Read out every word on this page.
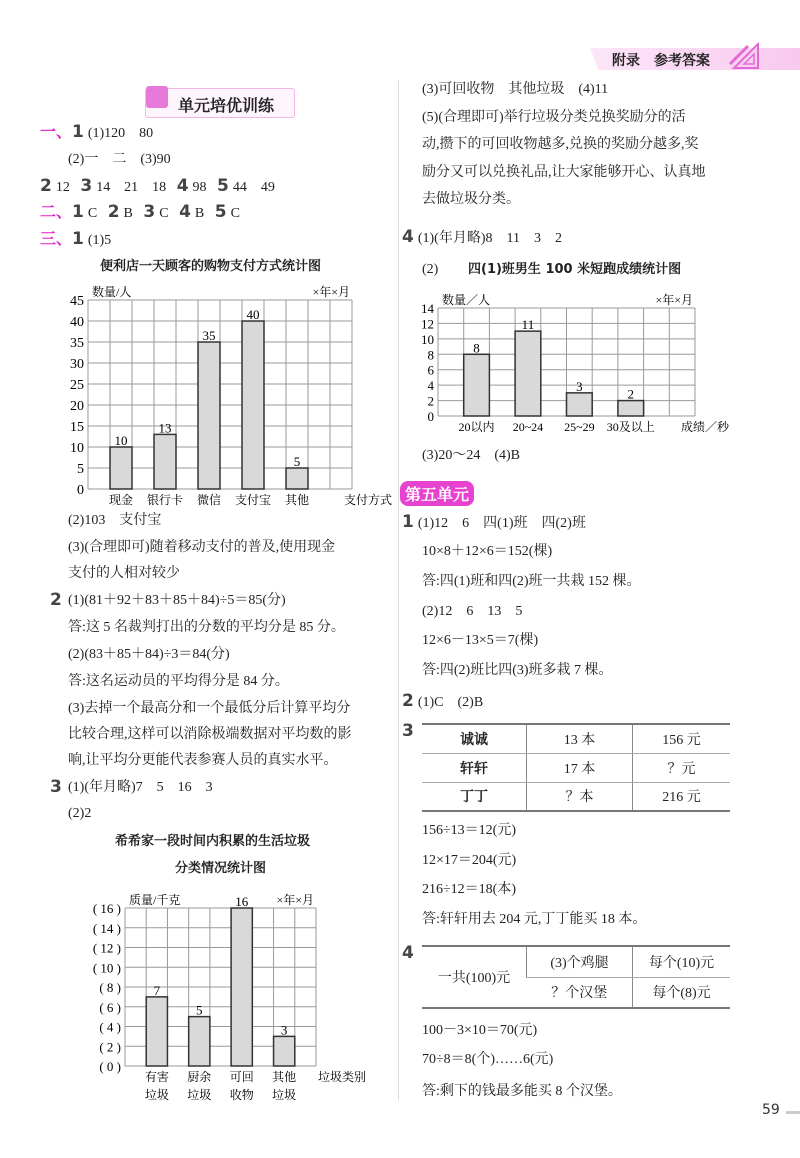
附录　参考答案
单元培优训练
一、1 (1)120　80
(2)一　二　(3)90
2 12 3 14　21　18 4 98 5 44　49
二、1 C 2 B 3 C 4 B 5 C
三、1 (1)5
便利店一天顾客的购物支付方式统计图
0
5
10
15
20
25
30
35
40
45
数量/人	×年×月
10
现金
13
银行卡
35
微信
40
支付宝
5
其他	支付方式
(2)103　支付宝
(3)(合理即可)随着移动支付的普及,使用现金
支付的人相对较少
2 (1)(81＋92＋83＋85＋84)÷5＝85(分)
答:这 5 名裁判打出的分数的平均分是 85 分。
(2)(83＋85＋84)÷3＝84(分)
答:这名运动员的平均得分是 84 分。
(3)去掉一个最高分和一个最低分后计算平均分
比较合理,这样可以消除极端数据对平均数的影
响,让平均分更能代表参赛人员的真实水平。
3 (1)(年月略)7　5　16　3
(2)2
希希家一段时间内积累的生活垃圾
分类情况统计图
( 0 )
( 2 )
( 4 )
( 6 )
( 8 )
( 10 )
( 12 )
( 14 )
( 16 )
质量/千克	×年×月
7
有害
垃圾
5
厨余
垃圾
16
可回
收物
3
其他
垃圾
垃圾类别
(3)可回收物　其他垃圾　(4)11
(5)(合理即可)举行垃圾分类兑换奖励分的活
动,攒下的可回收物越多,兑换的奖励分越多,奖
励分又可以兑换礼品,让大家能够开心、认真地
去做垃圾分类。
4 (1)(年月略)8　11　3　2
(2) 四(1)班男生 100 米短跑成绩统计图
0
2
4
6
8
10
12
14
数量／人	×年×月
8
20以内
11
20~24
3
25~29
2
30及以上 成绩／秒
(3)20～24　(4)B
第五单元
1 (1)12　6　四(1)班　四(2)班
10×8＋12×6＝152(棵)
答:四(1)班和四(2)班一共栽 152 棵。
(2)12　6　13　5
12×6－13×5＝7(棵)
答:四(2)班比四(3)班多栽 7 棵。
2 (1)C　(2)B
3	诚诚	13 本	156 元
轩轩	17 本	？元
丁丁	？本	216 元
156÷13＝12(元)
12×17＝204(元)
216÷12＝18(本)
答:轩轩用去 204 元,丁丁能买 18 本。
4
一共(100)元	(3)个鸡腿	每个(10)元
	？个汉堡	每个(8)元
100－3×10＝70(元)
70÷8＝8(个)……6(元)
答:剩下的钱最多能买 8 个汉堡。
59
